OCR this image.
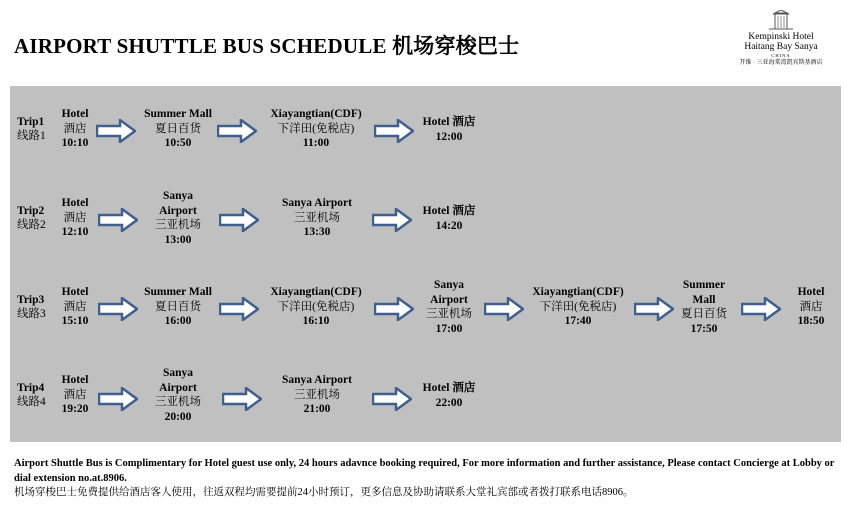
AIRPORT SHUTTLE BUS SCHEDULE 机场穿梭巴士	Kempinski Hotel
Haitang Bay Sanya
CHINA
开维 · 三亚海棠湾凯宾斯基酒店
Trip1
线路1
Hotel
酒店
10:10
Summer Mall
夏日百货
10:50
Xiayangtian(CDF)
下洋田(免税店)
11:00
Hotel 酒店
12:00
Trip2
线路2
Hotel
酒店
12:10
Sanya
Airport
三亚机场
13:00
Sanya Airport
三亚机场
13:30
Hotel 酒店
14:20
Trip3
线路3
Hotel
酒店
15:10
Summer Mall
夏日百货
16:00
Xiayangtian(CDF)
下洋田(免税店)
16:10
Sanya
Airport
三亚机场
17:00
Xiayangtian(CDF)
下洋田(免税店)
17:40
Summer
Mall
夏日百货
17:50
Hotel
酒店
18:50
Trip4
线路4
Hotel
酒店
19:20
Sanya
Airport
三亚机场
20:00
Sanya Airport
三亚机场
21:00
Hotel 酒店
22:00
Airport Shuttle Bus is Complimentary for Hotel guest use only, 24 hours adavnce booking required, For more information and further assistance, Please contact Concierge at Lobby or dial extension no.at.8906.
机场穿梭巴士免费提供给酒店客人使用，往返双程均需要提前24小时预订，更多信息及协助请联系大堂礼宾部或者拨打联系电话8906。
